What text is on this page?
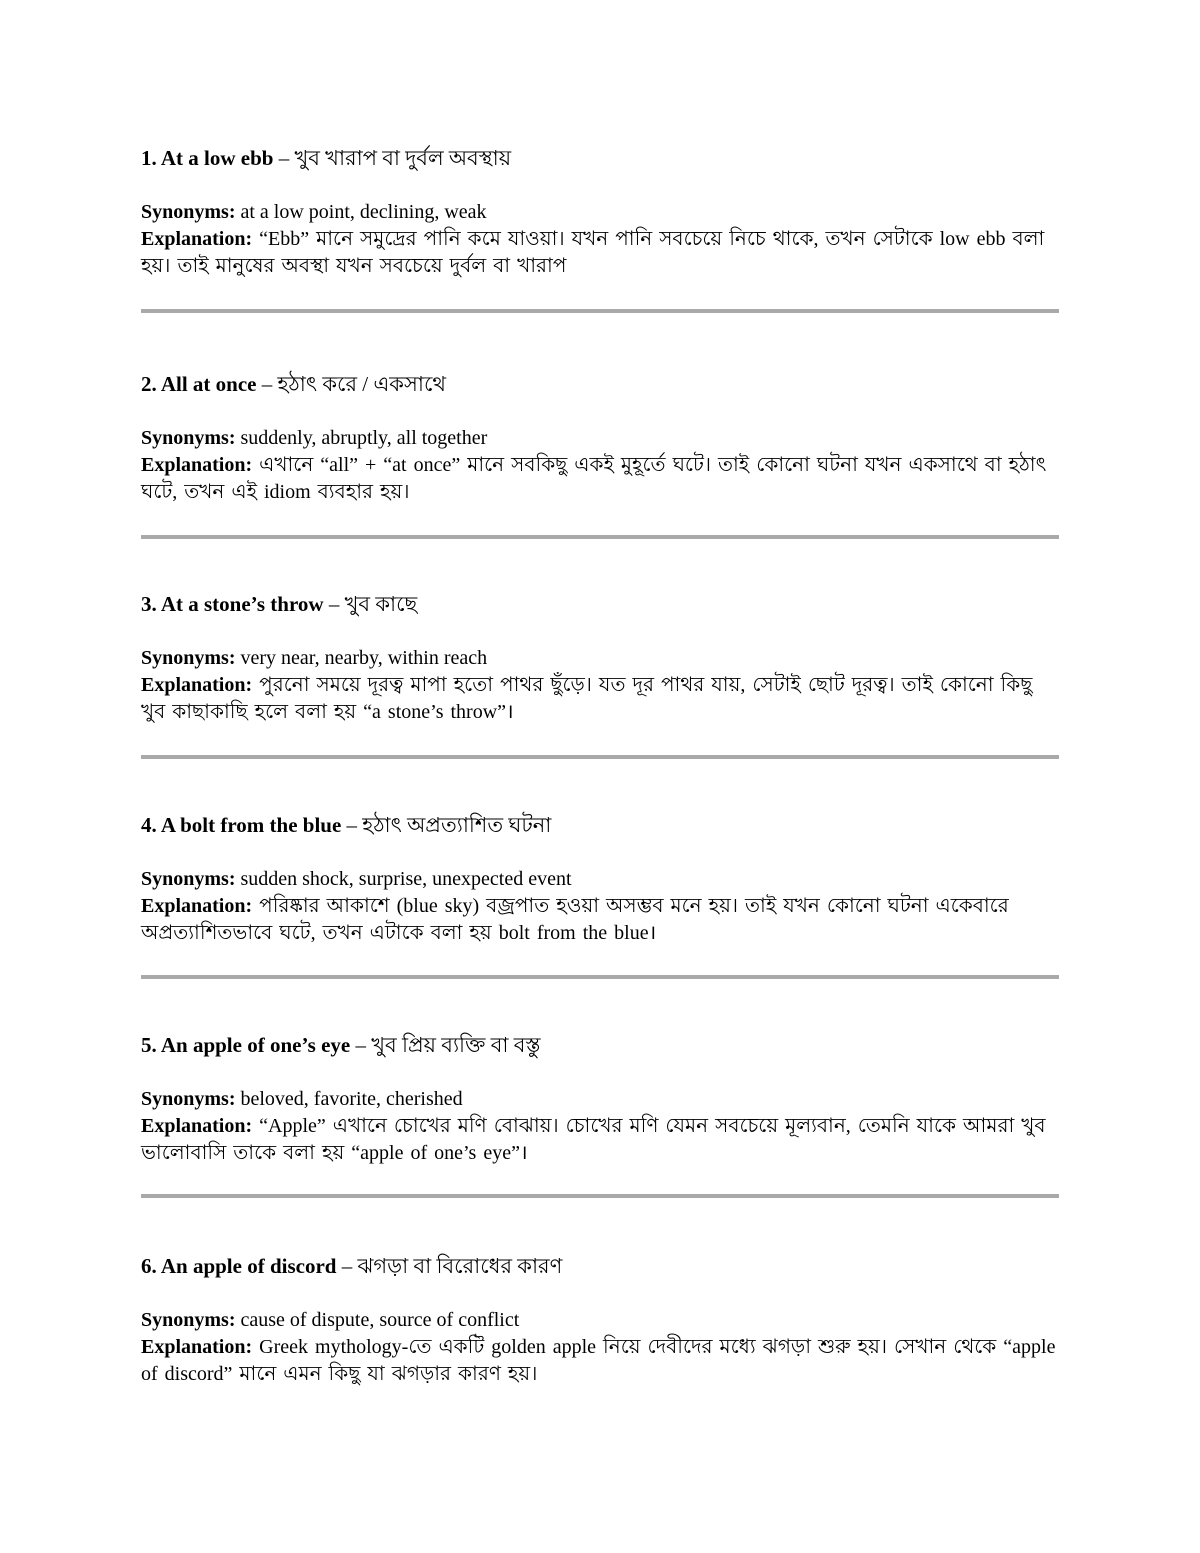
1. At a low ebb – খুব খারাপ বা দুর্বল অবস্থায়
Synonyms: at a low point, declining, weak
Explanation: “Ebb” মানে সমুদ্রের পানি কমে যাওয়া। যখন পানি সবচেয়ে নিচে থাকে, তখন সেটাকে low ebb বলা হয়। তাই মানুষের অবস্থা যখন সবচেয়ে দুর্বল বা খারাপ
2. All at once – হঠাৎ করে / একসাথে
Synonyms: suddenly, abruptly, all together
Explanation: এখানে “all” + “at once” মানে সবকিছু একই মুহূর্তে ঘটে। তাই কোনো ঘটনা যখন একসাথে বা হঠাৎ ঘটে, তখন এই idiom ব্যবহার হয়।
3. At a stone’s throw – খুব কাছে
Synonyms: very near, nearby, within reach
Explanation: পুরনো সময়ে দূরত্ব মাপা হতো পাথর ছুঁড়ে। যত দূর পাথর যায়, সেটাই ছোট দূরত্ব। তাই কোনো কিছু খুব কাছাকাছি হলে বলা হয় “a stone’s throw”।
4. A bolt from the blue – হঠাৎ অপ্রত্যাশিত ঘটনা
Synonyms: sudden shock, surprise, unexpected event
Explanation: পরিষ্কার আকাশে (blue sky) বজ্রপাত হওয়া অসম্ভব মনে হয়। তাই যখন কোনো ঘটনা একেবারে অপ্রত্যাশিতভাবে ঘটে, তখন এটাকে বলা হয় bolt from the blue।
5. An apple of one’s eye – খুব প্রিয় ব্যক্তি বা বস্তু
Synonyms: beloved, favorite, cherished
Explanation: “Apple” এখানে চোখের মণি বোঝায়। চোখের মণি যেমন সবচেয়ে মূল্যবান, তেমনি যাকে আমরা খুব ভালোবাসি তাকে বলা হয় “apple of one’s eye”।
6. An apple of discord – ঝগড়া বা বিরোধের কারণ
Synonyms: cause of dispute, source of conflict
Explanation: Greek mythology-তে একটি golden apple নিয়ে দেবীদের মধ্যে ঝগড়া শুরু হয়। সেখান থেকে “apple of discord” মানে এমন কিছু যা ঝগড়ার কারণ হয়।
